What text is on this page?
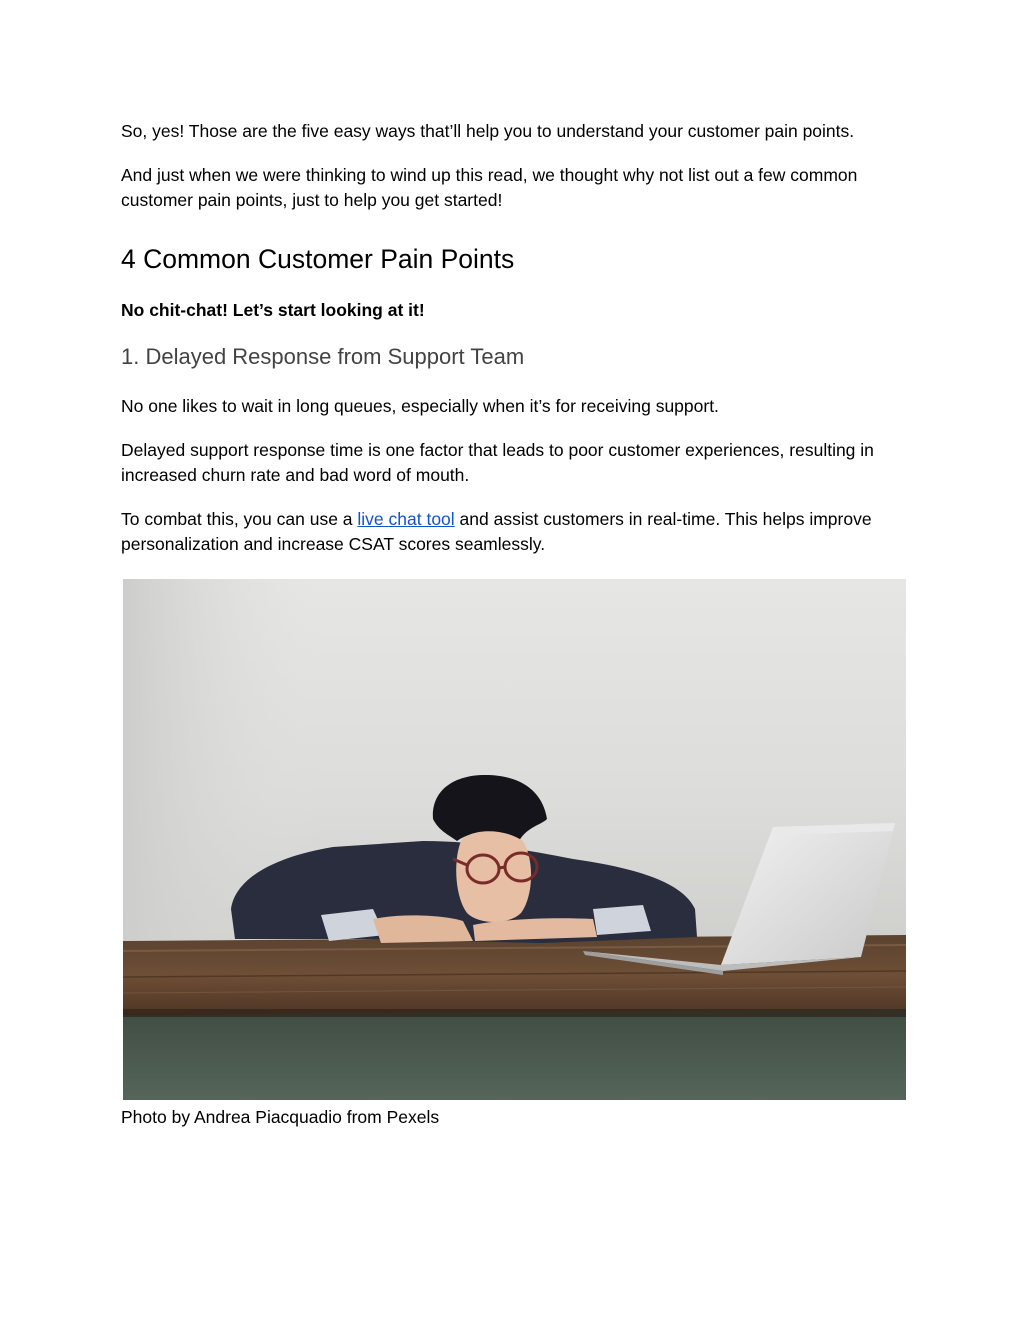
So, yes! Those are the five easy ways that’ll help you to understand your customer pain points.

And just when we were thinking to wind up this read, we thought why not list out a few common customer pain points, just to help you get started!

4 Common Customer Pain Points

No chit-chat! Let’s start looking at it!

1. Delayed Response from Support Team

No one likes to wait in long queues, especially when it’s for receiving support.

Delayed support response time is one factor that leads to poor customer experiences, resulting in increased churn rate and bad word of mouth.

To combat this, you can use a live chat tool and assist customers in real-time. This helps improve personalization and increase CSAT scores seamlessly.

Photo by Andrea Piacquadio from Pexels
